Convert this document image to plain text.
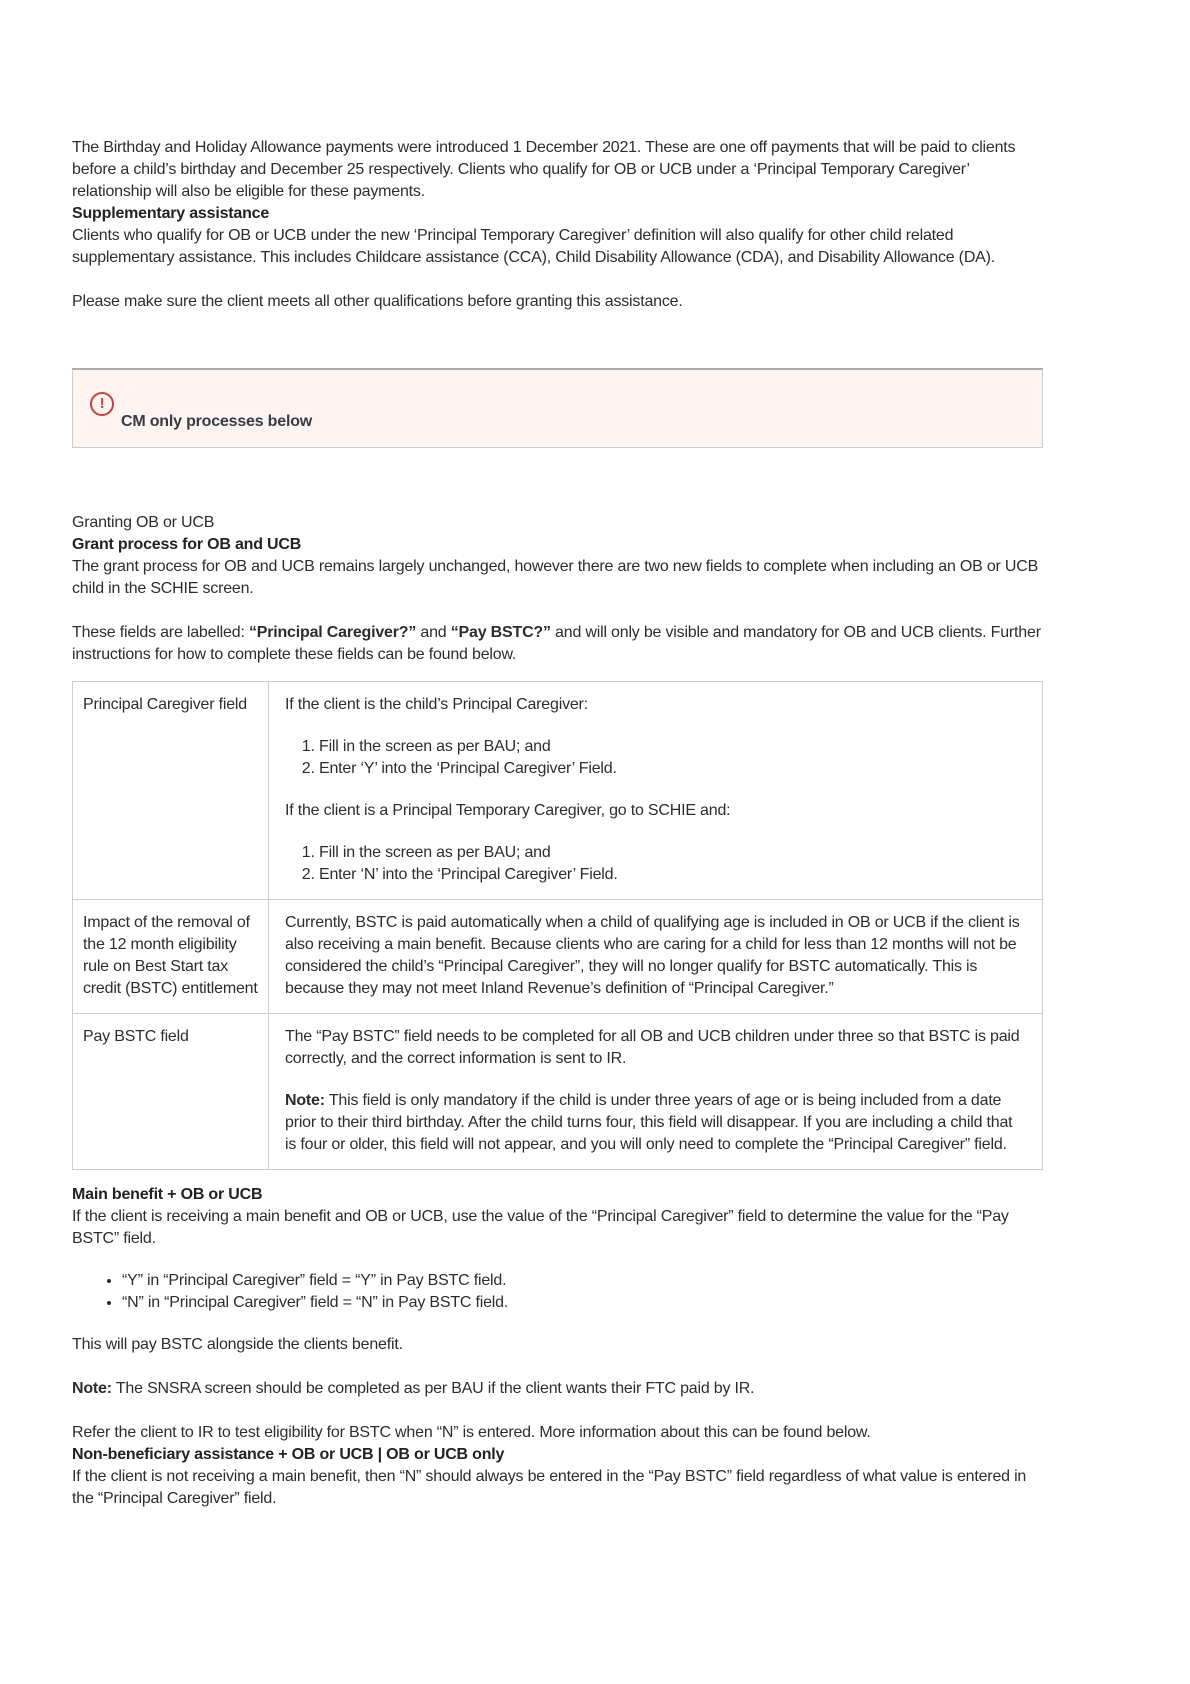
The Birthday and Holiday Allowance payments were introduced 1 December 2021. These are one off payments that will be paid to clients before a child’s birthday and December 25 respectively. Clients who qualify for OB or UCB under a ‘Principal Temporary Caregiver’ relationship will also be eligible for these payments.

Supplementary assistance

Clients who qualify for OB or UCB under the new ‘Principal Temporary Caregiver’ definition will also qualify for other child related supplementary assistance. This includes Childcare assistance (CCA), Child Disability Allowance (CDA), and Disability Allowance (DA).

Please make sure the client meets all other qualifications before granting this assistance.

!
CM only processes below

Granting OB or UCB

Grant process for OB and UCB

The grant process for OB and UCB remains largely unchanged, however there are two new fields to complete when including an OB or UCB child in the SCHIE screen.

These fields are labelled: “Principal Caregiver?” and “Pay BSTC?” and will only be visible and mandatory for OB and UCB clients. Further instructions for how to complete these fields can be found below.

Principal Caregiver field	If the client is the child’s Principal Caregiver:

1. Fill in the screen as per BAU; and
2. Enter ‘Y’ into the ‘Principal Caregiver’ Field.

If the client is a Principal Temporary Caregiver, go to SCHIE and:

1. Fill in the screen as per BAU; and
2. Enter ‘N’ into the ‘Principal Caregiver’ Field.

Impact of the removal of the 12 month eligibility rule on Best Start tax credit (BSTC) entitlement	Currently, BSTC is paid automatically when a child of qualifying age is included in OB or UCB if the client is also receiving a main benefit. Because clients who are caring for a child for less than 12 months will not be considered the child’s “Principal Caregiver”, they will no longer qualify for BSTC automatically. This is because they may not meet Inland Revenue’s definition of “Principal Caregiver.”

Pay BSTC field	The “Pay BSTC” field needs to be completed for all OB and UCB children under three so that BSTC is paid correctly, and the correct information is sent to IR.

Note: This field is only mandatory if the child is under three years of age or is being included from a date prior to their third birthday. After the child turns four, this field will disappear. If you are including a child that is four or older, this field will not appear, and you will only need to complete the “Principal Caregiver” field.

Main benefit + OB or UCB

If the client is receiving a main benefit and OB or UCB, use the value of the “Principal Caregiver” field to determine the value for the “Pay BSTC” field.

• “Y” in “Principal Caregiver” field = “Y” in Pay BSTC field.
• “N” in “Principal Caregiver” field = “N” in Pay BSTC field.

This will pay BSTC alongside the clients benefit.

Note: The SNSRA screen should be completed as per BAU if the client wants their FTC paid by IR.

Refer the client to IR to test eligibility for BSTC when “N” is entered. More information about this can be found below.

Non-beneficiary assistance + OB or UCB | OB or UCB only

If the client is not receiving a main benefit, then “N” should always be entered in the “Pay BSTC” field regardless of what value is entered in the “Principal Caregiver” field.
